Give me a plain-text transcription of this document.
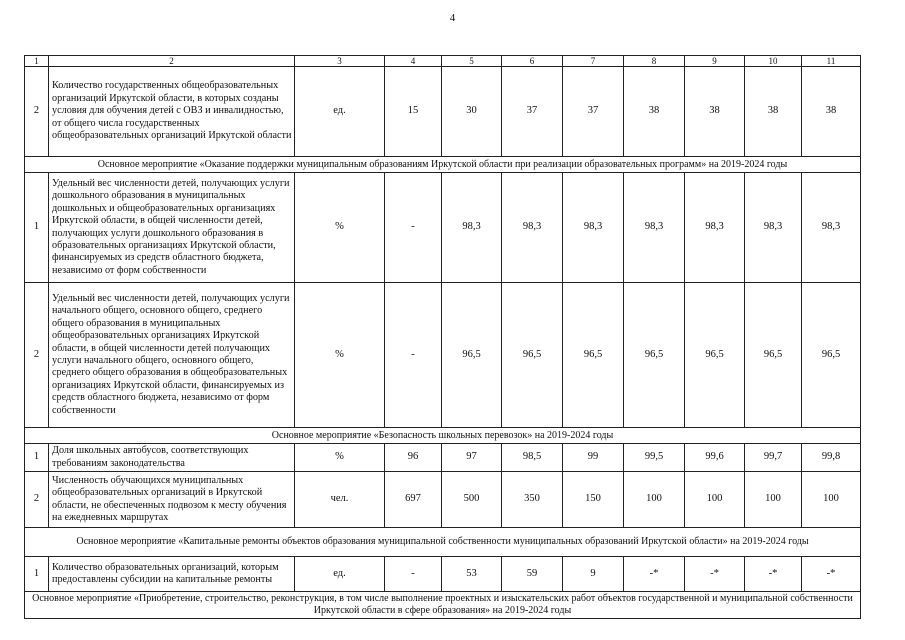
4
1	2	3	4	5	6	7	8	9	10	11
2	Количество государственных общеобразовательных организаций Иркутской области, в которых созданы условия для обучения детей с ОВЗ и инвалидностью, от общего числа государственных общеобразовательных организаций Иркутской области	ед.	15	30	37	37	38	38	38	38
Основное мероприятие «Оказание поддержки муниципальным образованиям Иркутской области при реализации образовательных программ» на 2019-2024 годы										
1	Удельный вес численности детей, получающих услуги дошкольного образования в муниципальных дошкольных и общеобразовательных организациях Иркутской области, в общей численности детей, получающих услуги дошкольного образования в образовательных организациях Иркутской области, финансируемых из средств областного бюджета, независимо от форм собственности	%	-	98,3	98,3	98,3	98,3	98,3	98,3	98,3
2	Удельный вес численности детей, получающих услуги начального общего, основного общего, среднего общего образования в муниципальных общеобразовательных организациях Иркутской области, в общей численности детей получающих услуги начального общего, основного общего, среднего общего образования в общеобразовательных организациях Иркутской области, финансируемых из средств областного бюджета, независимо от форм собственности	%	-	96,5	96,5	96,5	96,5	96,5	96,5	96,5
Основное мероприятие «Безопасность школьных перевозок» на 2019-2024 годы										
1	Доля школьных автобусов, соответствующих требованиям законодательства	%	96	97	98,5	99	99,5	99,6	99,7	99,8
2	Численность обучающихся муниципальных общеобразовательных организаций в Иркутской области, не обеспеченных подвозом к месту обучения на ежедневных маршрутах	чел.	697	500	350	150	100	100	100	100
Основное мероприятие «Капитальные ремонты объектов образования муниципальной собственности муниципальных образований Иркутской области» на 2019-2024 годы										
1	Количество образовательных организаций, которым предоставлены субсидии на капитальные ремонты	ед.	-	53	59	9	-*	-*	-*	-*
Основное мероприятие «Приобретение, строительство, реконструкция, в том числе выполнение проектных и изыскательских работ объектов государственной и муниципальной собственности Иркутской области в сфере образования» на 2019-2024 годы										
